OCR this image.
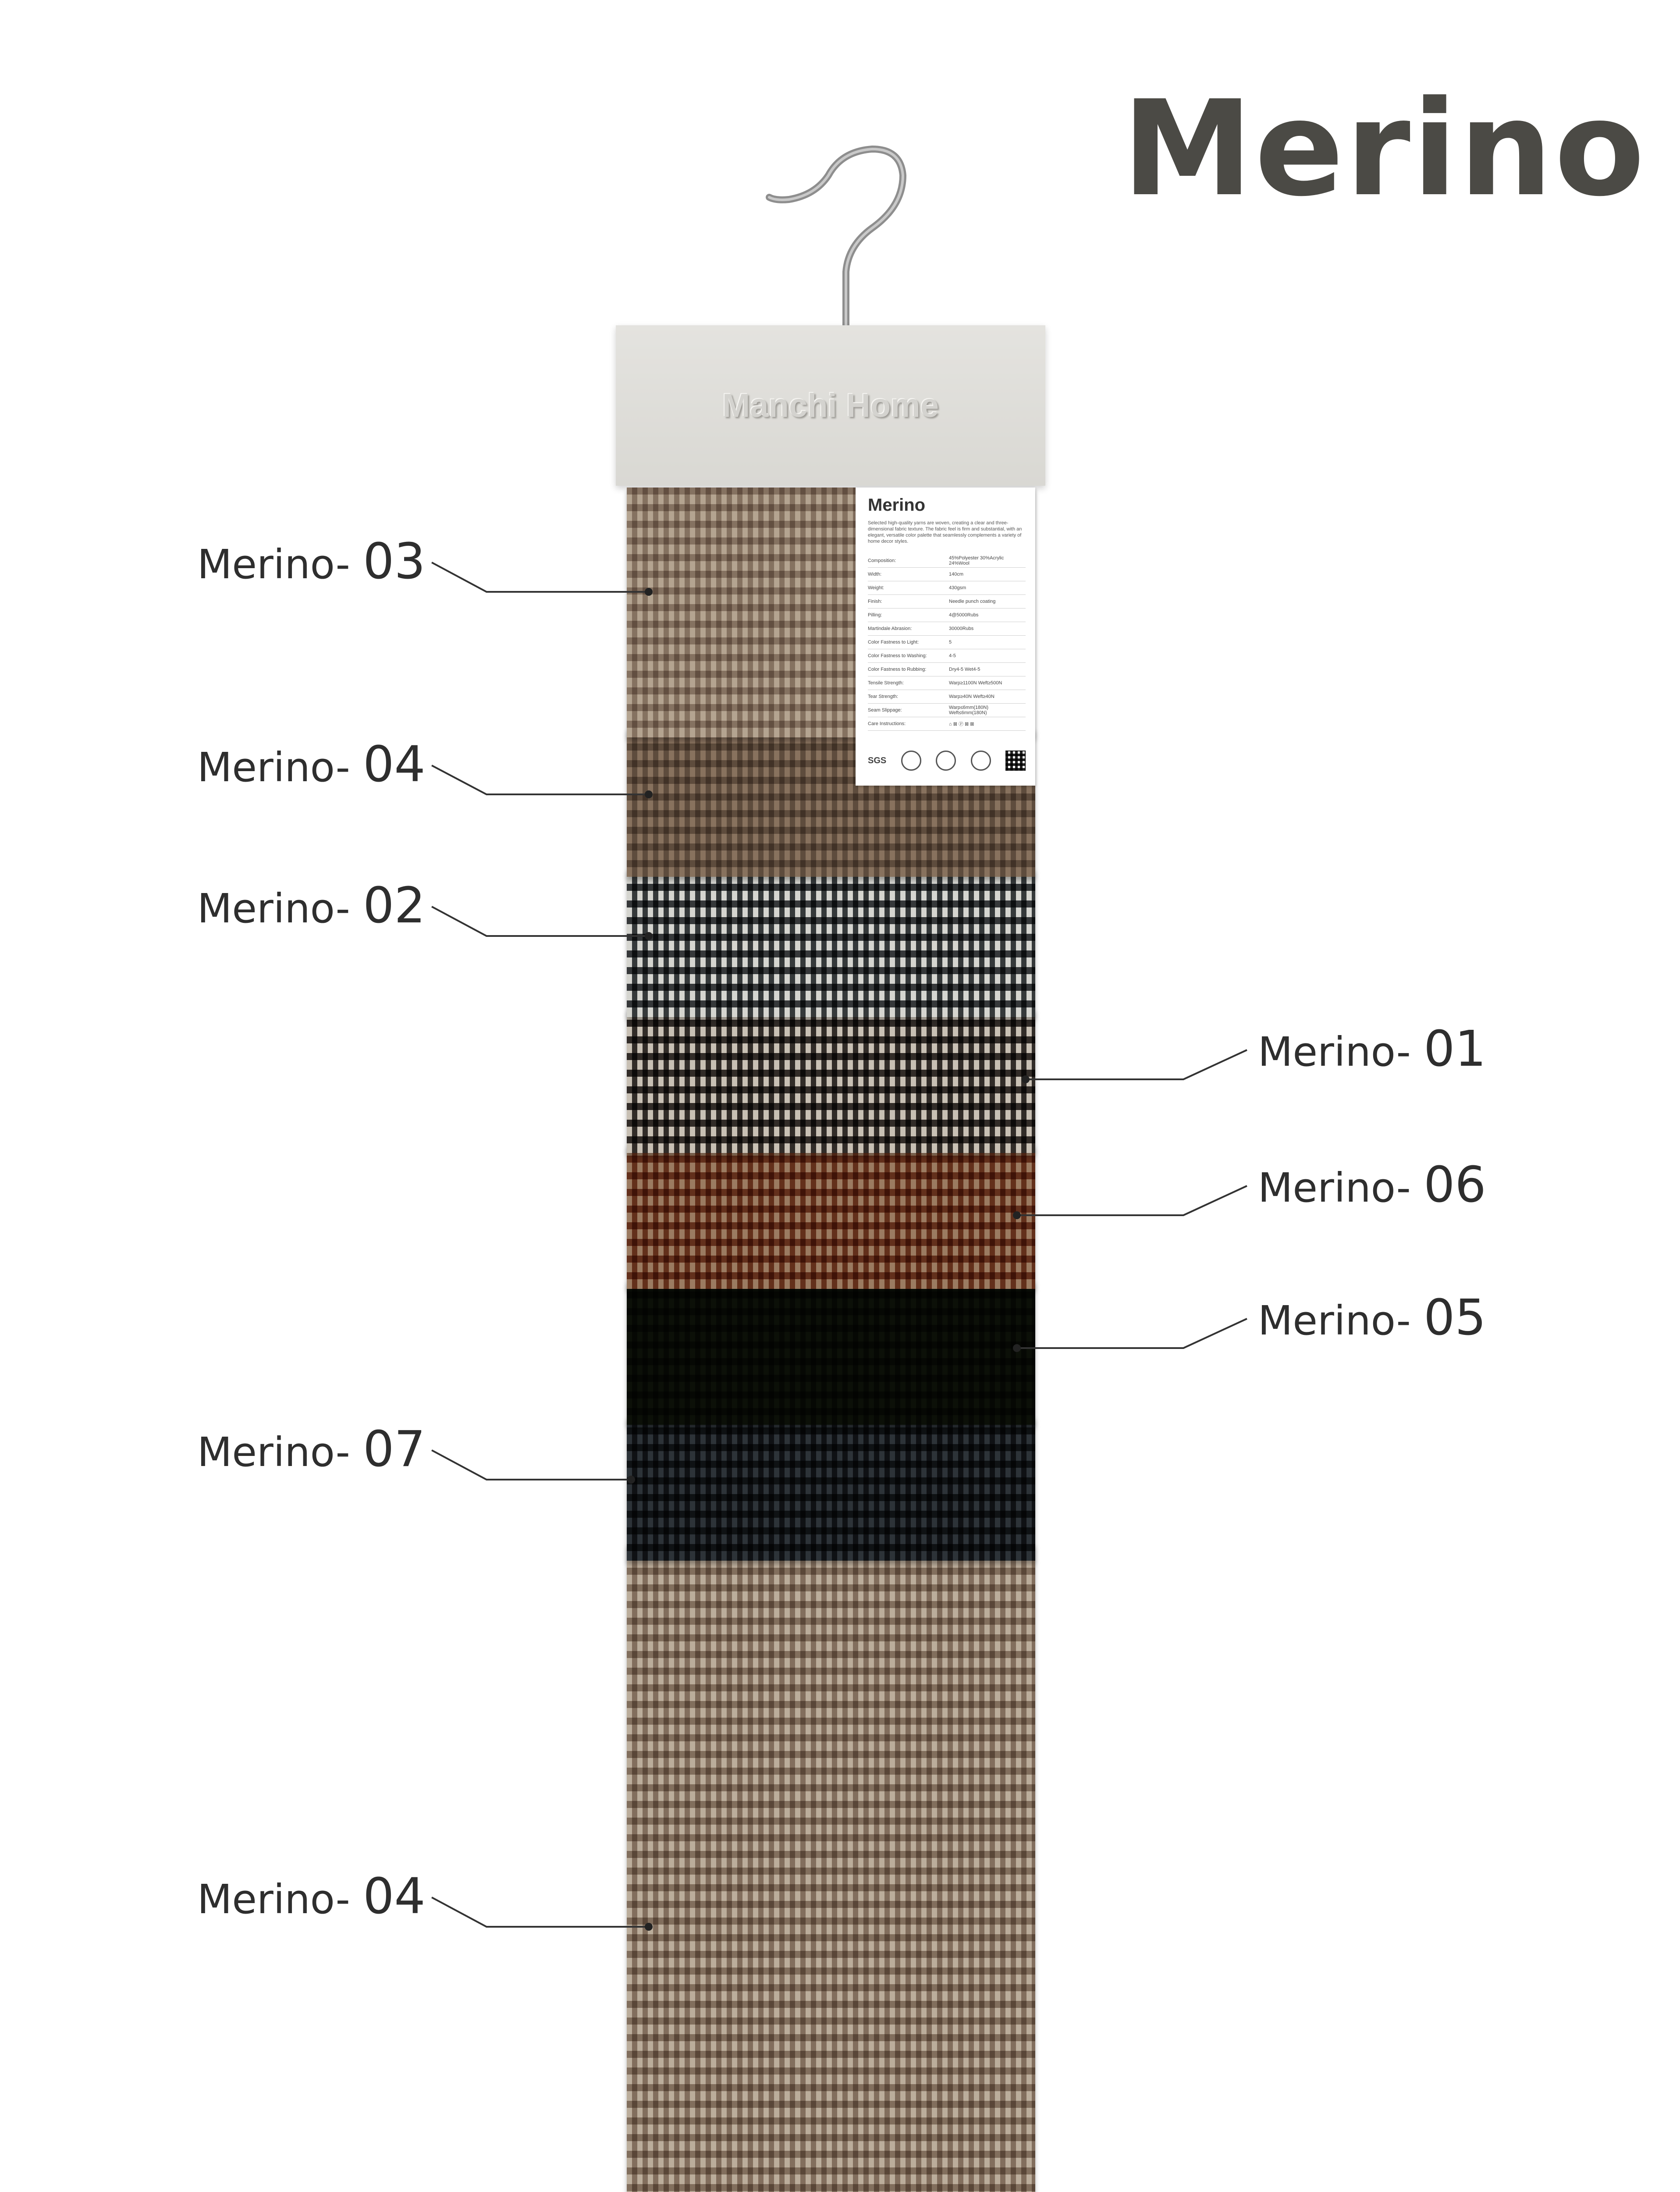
Merino
Manchi Home
Merino
Selected high-quality yarns are woven, creating a clear and three-dimensional fabric texture. The fabric feel is firm and substantial, with an elegant, versatile color palette that seamlessly complements a variety of home decor styles.
Composition:	45%Polyester 30%Acrylic 24%Wool
Width:	140cm
Weight:	430gsm
Finish:	Needle punch coating
Pilling:	4@5000Rubs
Martindale Abrasion:	30000Rubs
Color Fastness to Light:	5
Color Fastness to Washing:	4-5
Color Fastness to Rubbing:	Dry4-5 Wet4-5
Tensile Strength:	Warp≥1100N Weft≥500N
Tear Strength:	Warp≥40N Weft≥40N
Seam Slippage:	Warp≤6mm(180N) Weft≤6mm(180N)
Care Instructions:	⌂ ⊠ Ⓟ ⊠ ⊠
SGS
Merino- 03
Merino- 04
Merino- 02
Merino- 01
Merino- 06
Merino- 05
Merino- 07
Merino- 04
